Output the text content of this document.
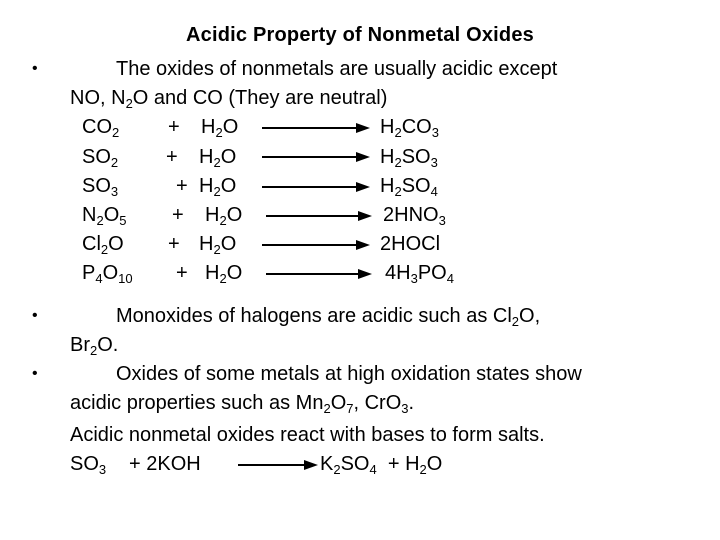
Acidic Property of Nonmetal Oxides
•	The oxides of nonmetals are usually acidic except
NO, $N_2O$ and CO (They are neutral)
$CO_2 + H_2O$	$H_2CO_3$
$SO_2 + H_2O$	$H_2SO_3$
$SO_3$	+ $H_2O$	$H_2SO_4$
$N_2O_5 + H_2O$	$2HNO_3$
$Cl_2O + H_2O$	2HOCl
$P_4O_{10} + H_2O$	$4H_3PO_4$
•	Monoxides of halogens are acidic such as $Cl_2O$,
$Br_2O$.
•	Oxides of some metals at high oxidation states show
acidic properties such as $Mn_2O_7$, CrO$_3$.
Acidic nonmetal oxides react with bases to form salts.
$SO_3 + 2KOH$	$K_2SO_4 + H_2O$
